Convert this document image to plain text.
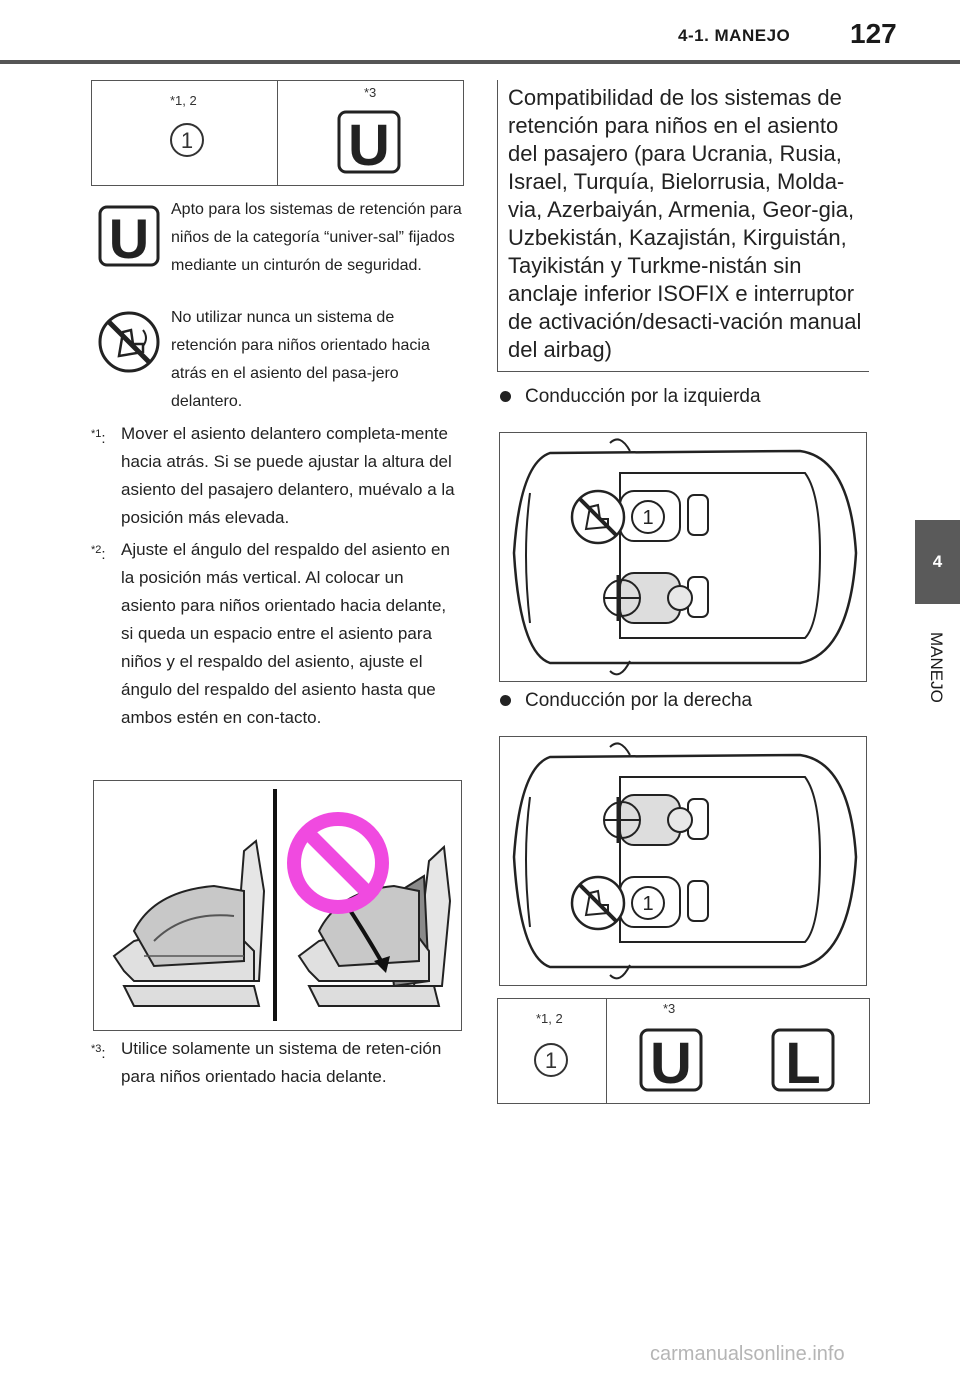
4-1. MANEJO 127
4
MANEJO
*1, 2
*3
1	U
U Apto para los sistemas de retención para niños de la categoría “univer-sal” fijados mediante un cinturón de seguridad.
No utilizar nunca un sistema de retención para niños orientado hacia atrás en el asiento del pasa-jero delantero.
$^{*1}$: Mover el asiento delantero completa-mente hacia atrás. Si se puede ajustar la altura del asiento del pasajero delantero, muévalo a la posición más elevada.
$^{*2}$: Ajuste el ángulo del respaldo del asiento en la posición más vertical. Al colocar un asiento para niños orientado hacia delante, si queda un espacio entre el asiento para niños y el respaldo del asiento, ajuste el ángulo del respaldo del asiento hasta que ambos estén en con-tacto.
$^{*3}$: Utilice solamente un sistema de reten-ción para niños orientado hacia delante.
Compatibilidad de los sistemas de retención para niños en el asiento del pasajero (para Ucrania, Rusia, Israel, Turquía, Bielorrusia, Molda-via, Azerbaiyán, Armenia, Geor-gia, Uzbekistán, Kazajistán, Kirguistán, Tayikistán y Turkme-nistán sin anclaje inferior ISOFIX e interruptor de activación/desacti-vación manual del airbag)
Conducción por la izquierda
1
Conducción por la derecha
1
*1, 2
*3
1 U L
carmanualsonline.info
